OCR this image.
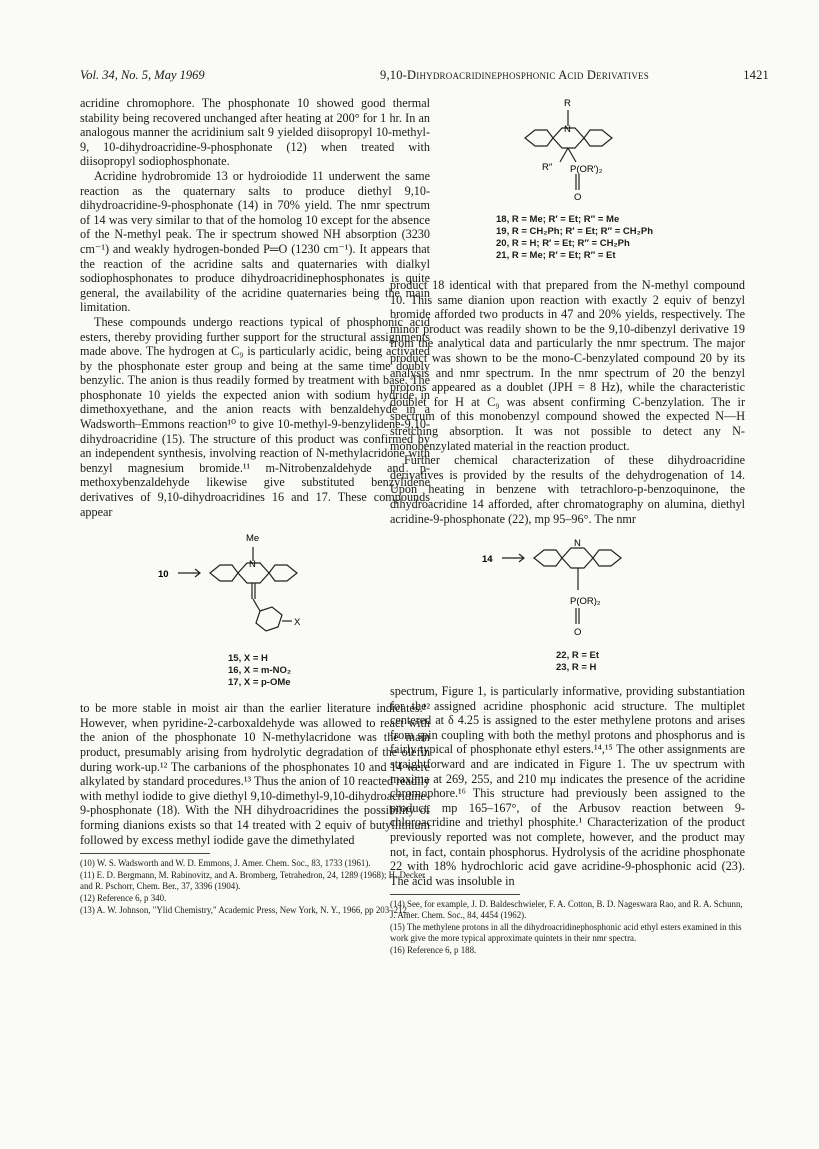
Vol. 34, No. 5, May 1969	9,10-Dihydroacridinephosphonic Acid Derivatives	1421

acridine chromophore. The phosphonate 10 showed good thermal stability being recovered unchanged after heating at 200° for 1 hr. In an analogous manner the acridinium salt 9 yielded diisopropyl 10-methyl-9, 10-dihydroacridine-9-phosphonate (12) when treated with diisopropyl sodiophosphonate.

Acridine hydrobromide 13 or hydroiodide 11 underwent the same reaction as the quaternary salts to produce diethyl 9,10-dihydroacridine-9-phosphonate (14) in 70% yield. The nmr spectrum of 14 was very similar to that of the homolog 10 except for the absence of the N-methyl peak. The ir spectrum showed NH absorption (3230 cm⁻¹) and weakly hydrogen-bonded P═O (1230 cm⁻¹). It appears that the reaction of the acridine salts and quaternaries with dialkyl sodiophosphonates to produce dihydroacridinephosphonates is quite general, the availability of the acridine quaternaries being the main limitation.

These compounds undergo reactions typical of phosphonic acid esters, thereby providing further support for the structural assignments made above. The hydrogen at C₉ is particularly acidic, being activated by the phosphonate ester group and being at the same time doubly benzylic. The anion is thus readily formed by treatment with base. The phosphonate 10 yields the expected anion with sodium hydride in dimethoxyethane, and the anion reacts with benzaldehyde in a Wadsworth–Emmons reaction¹⁰ to give 10-methyl-9-benzylidene-9,10-dihydroacridine (15). The structure of this product was confirmed by an independent synthesis, involving reaction of N-methylacridone with benzyl magnesium bromide.¹¹ m-Nitrobenzaldehyde and p-methoxybenzaldehyde likewise give substituted benzylidene derivatives of 9,10-dihydroacridines 16 and 17. These compounds appear

Me
N
10
X
15, X = H
16, X = m-NO₂
17, X = p-OMe

to be more stable in moist air than the earlier literature indicates.¹² However, when pyridine-2-carboxaldehyde was allowed to react with the anion of the phosphonate 10 N-methylacridone was the main product, presumably arising from hydrolytic degradation of the olefin during work-up.¹² The carbanions of the phosphonates 10 and 14 were alkylated by standard procedures.¹³ Thus the anion of 10 reacted readily with methyl iodide to give diethyl 9,10-dimethyl-9,10-dihydroacridine-9-phosphonate (18). With the NH dihydroacridines the possibility of forming dianions exists so that 14 treated with 2 equiv of butyllithium followed by excess methyl iodide gave the dimethylated

(10) W. S. Wadsworth and W. D. Emmons, J. Amer. Chem. Soc., 83, 1733 (1961).
(11) E. D. Bergmann, M. Rabinovitz, and A. Bromberg, Tetrahedron, 24, 1289 (1968); H. Decker and R. Pschorr, Chem. Ber., 37, 3396 (1904).
(12) Reference 6, p 340.
(13) A. W. Johnson, "Ylid Chemistry," Academic Press, New York, N. Y., 1966, pp 203–212.
R
N
R″ P(OR′)₂
O
18, R = Me; R′ = Et; R″ = Me
19, R = CH₂Ph; R′ = Et; R″ = CH₂Ph
20, R = H; R′ = Et; R″ = CH₂Ph
21, R = Me; R′ = Et; R″ = Et

product 18 identical with that prepared from the N-methyl compound 10. This same dianion upon reaction with exactly 2 equiv of benzyl bromide afforded two products in 47 and 20% yields, respectively. The minor product was readily shown to be the 9,10-dibenzyl derivative 19 from the analytical data and particularly the nmr spectrum. The major product was shown to be the mono-C-benzylated compound 20 by its analysis and nmr spectrum. In the nmr spectrum of 20 the benzyl protons appeared as a doublet (JPH = 8 Hz), while the characteristic doublet for H at C₉ was absent confirming C-benzylation. The ir spectrum of this monobenzyl compound showed the expected N—H stretching absorption. It was not possible to detect any N-monobenzylated material in the reaction product.

Further chemical characterization of these dihydroacridine derivatives is provided by the results of the dehydrogenation of 14. Upon heating in benzene with tetrachloro-p-benzoquinone, the dihydroacridine 14 afforded, after chromatography on alumina, diethyl acridine-9-phosphonate (22), mp 95–96°. The nmr

N
14
P(OR)₂
O
22, R = Et
23, R = H

spectrum, Figure 1, is particularly informative, providing substantiation for the assigned acridine phosphonic acid structure. The multiplet centered at δ 4.25 is assigned to the ester methylene protons and arises from spin coupling with both the methyl protons and phosphorus and is fairly typical of phosphonate ethyl esters.¹⁴,¹⁵ The other assignments are straightforward and are indicated in Figure 1. The uv spectrum with maxima at 269, 255, and 210 mμ indicates the presence of the acridine chromophore.¹⁶ This structure had previously been assigned to the product, mp 165–167°, of the Arbusov reaction between 9-chloroacridine and triethyl phosphite.¹ Characterization of the product previously reported was not complete, however, and the product may not, in fact, contain phosphorus. Hydrolysis of the acridine phosphonate 22 with 18% hydrochloric acid gave acridine-9-phosphonic acid (23). The acid was insoluble in

(14) See, for example, J. D. Baldeschwieler, F. A. Cotton, B. D. Nageswara Rao, and R. A. Schunn, J. Amer. Chem. Soc., 84, 4454 (1962).
(15) The methylene protons in all the dihydroacridinephosphonic acid ethyl esters examined in this work give the more typical approximate quintets in their nmr spectra.
(16) Reference 6, p 188.
